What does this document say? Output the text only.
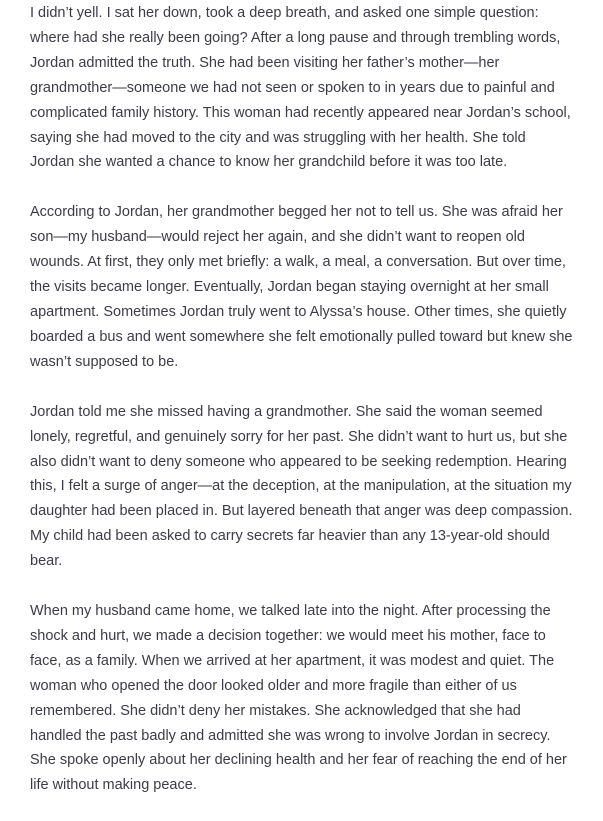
I didn’t yell. I sat her down, took a deep breath, and asked one simple question: where had she really been going? After a long pause and through trembling words, Jordan admitted the truth. She had been visiting her father’s mother—her grandmother—someone we had not seen or spoken to in years due to painful and complicated family history. This woman had recently appeared near Jordan’s school, saying she had moved to the city and was struggling with her health. She told Jordan she wanted a chance to know her grandchild before it was too late.

According to Jordan, her grandmother begged her not to tell us. She was afraid her son—my husband—would reject her again, and she didn’t want to reopen old wounds. At first, they only met briefly: a walk, a meal, a conversation. But over time, the visits became longer. Eventually, Jordan began staying overnight at her small apartment. Sometimes Jordan truly went to Alyssa’s house. Other times, she quietly boarded a bus and went somewhere she felt emotionally pulled toward but knew she wasn’t supposed to be.

Jordan told me she missed having a grandmother. She said the woman seemed lonely, regretful, and genuinely sorry for her past. She didn’t want to hurt us, but she also didn’t want to deny someone who appeared to be seeking redemption. Hearing this, I felt a surge of anger—at the deception, at the manipulation, at the situation my daughter had been placed in. But layered beneath that anger was deep compassion. My child had been asked to carry secrets far heavier than any 13-year-old should bear.

When my husband came home, we talked late into the night. After processing the shock and hurt, we made a decision together: we would meet his mother, face to face, as a family. When we arrived at her apartment, it was modest and quiet. The woman who opened the door looked older and more fragile than either of us remembered. She didn’t deny her mistakes. She acknowledged that she had handled the past badly and admitted she was wrong to involve Jordan in secrecy. She spoke openly about her declining health and her fear of reaching the end of her life without making peace.
